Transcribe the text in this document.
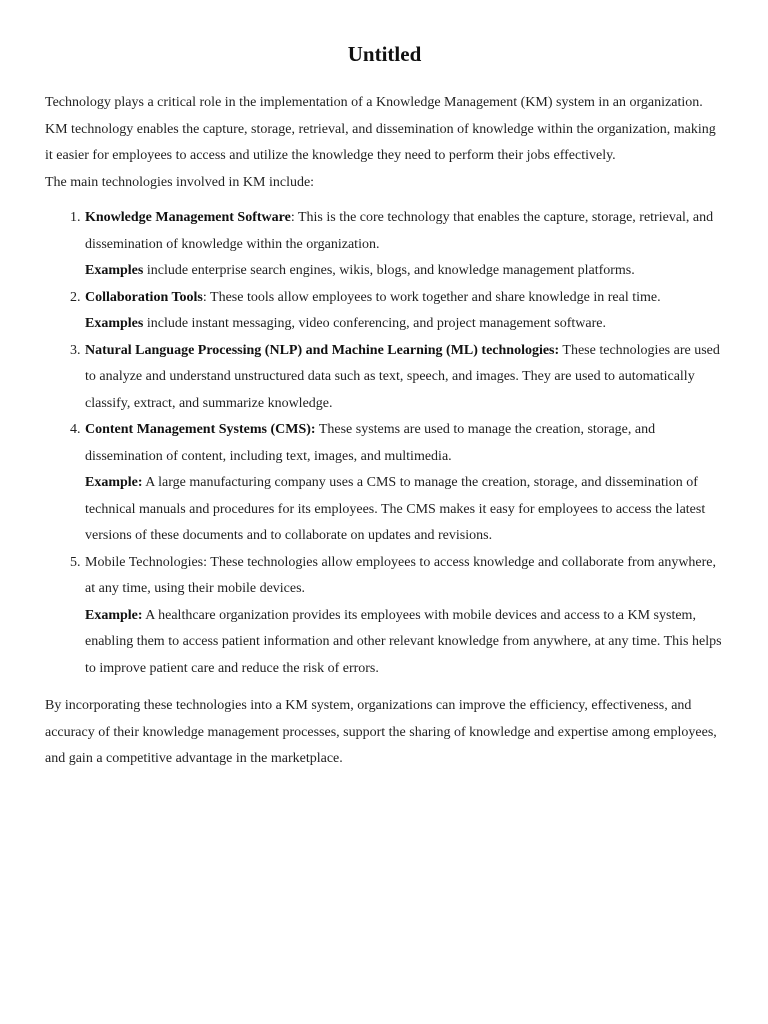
Untitled

Technology plays a critical role in the implementation of a Knowledge Management (KM) system in an organization. KM technology enables the capture, storage, retrieval, and dissemination of knowledge within the organization, making it easier for employees to access and utilize the knowledge they need to perform their jobs effectively.

The main technologies involved in KM include:

1. Knowledge Management Software: This is the core technology that enables the capture, storage, retrieval, and dissemination of knowledge within the organization.
Examples include enterprise search engines, wikis, blogs, and knowledge management platforms.
2. Collaboration Tools: These tools allow employees to work together and share knowledge in real time.
Examples include instant messaging, video conferencing, and project management software.
3. Natural Language Processing (NLP) and Machine Learning (ML) technologies: These technologies are used to analyze and understand unstructured data such as text, speech, and images. They are used to automatically classify, extract, and summarize knowledge.
4. Content Management Systems (CMS): These systems are used to manage the creation, storage, and dissemination of content, including text, images, and multimedia.
Example: A large manufacturing company uses a CMS to manage the creation, storage, and dissemination of technical manuals and procedures for its employees. The CMS makes it easy for employees to access the latest versions of these documents and to collaborate on updates and revisions.
5. Mobile Technologies: These technologies allow employees to access knowledge and collaborate from anywhere, at any time, using their mobile devices.
Example: A healthcare organization provides its employees with mobile devices and access to a KM system, enabling them to access patient information and other relevant knowledge from anywhere, at any time. This helps to improve patient care and reduce the risk of errors.

By incorporating these technologies into a KM system, organizations can improve the efficiency, effectiveness, and accuracy of their knowledge management processes, support the sharing of knowledge and expertise among employees, and gain a competitive advantage in the marketplace.
